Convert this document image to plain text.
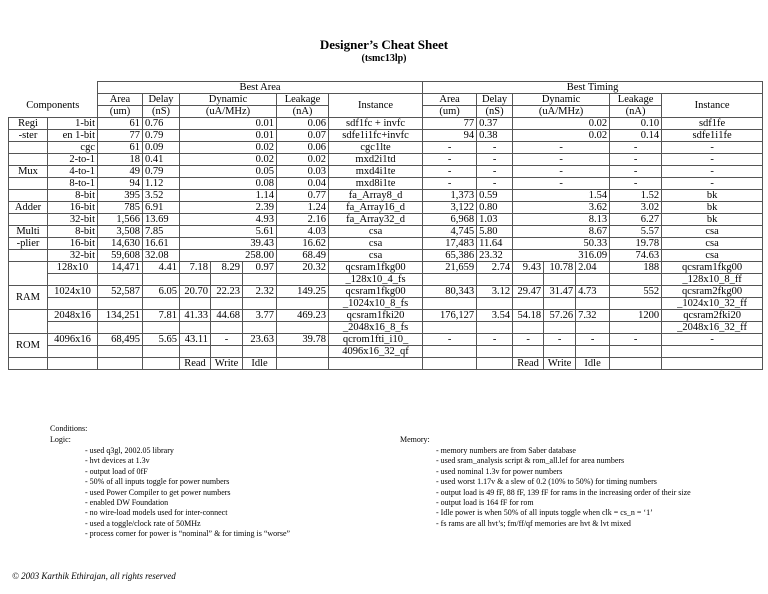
Designer’s Cheat Sheet
(tsmc13lp)
		Best Area							Best Timing						
Components		Area	Delay	Dynamic			Leakage	Instance	Area	Delay	Dynamic			Leakage	Instance
		(um)	(nS)	(uA/MHz)			(nA)		(um)	(nS)	(uA/MHz)			(nA)	
Regi	1-bit	61	0.76	0.01			0.06	sdf1fc + invfc	77	0.37	0.02			0.10	sdf1fe
-ster	en 1-bit	77	0.79	0.01			0.07	sdfe1i1fc+invfc	94	0.38	0.02			0.14	sdfe1i1fe
	cgc	61	0.09	0.02			0.06	cgc1lte	-	-	-			-	-
	2-to-1	18	0.41	0.02			0.02	mxd2i1td	-	-	-			-	-
Mux	4-to-1	49	0.79	0.05			0.03	mxd4i1te	-	-	-			-	-
	8-to-1	94	1.12	0.08			0.04	mxd8i1te	-	-	-			-	-
	8-bit	395	3.52	1.14			0.77	fa_Array8_d	1,373	0.59	1.54			1.52	bk
Adder	16-bit	785	6.91	2.39			1.24	fa_Array16_d	3,122	0.80	3.62			3.02	bk
	32-bit	1,566	13.69	4.93			2.16	fa_Array32_d	6,968	1.03	8.13			6.27	bk
Multi	8-bit	3,508	7.85	5.61			4.03	csa	4,745	5.80	8.67			5.57	csa
-plier	16-bit	14,630	16.61	39.43			16.62	csa	17,483	11.64	50.33			19.78	csa
	32-bit	59,608	32.08	258.00			68.49	csa	65,386	23.32	316.09			74.63	csa
	128x10	14,471	4.41	7.18	8.29	0.97	20.32	qcsram1fkg00	21,659	2.74	9.43	10.78	2.04	188	qcsram1fkg00
								_128x10_4_fs							_128x10_8_ff
RAM	1024x10	52,587	6.05	20.70	22.23	2.32	149.25	qcsram1fkg00	80,343	3.12	29.47	31.47	4.73	552	qcsram2fkg00
								_1024x10_8_fs							_1024x10_32_ff
	2048x16	134,251	7.81	41.33	44.68	3.77	469.23	qcsram1fki20	176,127	3.54	54.18	57.26	7.32	1200	qcsram2fki20
								_2048x16_8_fs							_2048x16_32_ff
ROM	4096x16	68,495	5.65	43.11	-	23.63	39.78	qcrom1fti_i10_	-	-	-	-	-	-	-
								4096x16_32_qf							
				Read	Write	Idle					Read	Write	Idle		
Conditions:
Logic:	Memory:
- used q3gl, 2002.05 library
- hvt devices at 1.3v
- output load of 0fF
- 50% of all inputs toggle for power numbers
- used Power Compiler to get power numbers
- enabled DW Foundation
- no wire-load models used for inter-connect
- used a toggle/clock rate of 50MHz
- process corner for power is “nominal” & for timing is “worse”
- memory numbers are from Saber database
- used sram_analysis script & rom_all.lef for area numbers
- used nominal 1.3v for power numbers
- used worst 1.17v & a slew of 0.2 (10% to 50%) for timing numbers
- output load is 49 fF, 88 fF, 139 fF for rams in the increasing order of their size
- output load is 164 fF for rom
- Idle power is when 50% of all inputs toggle when clk = cs_n = ‘1’
- fs rams are all hvt’s; fm/ff/qf memories are hvt & lvt mixed
© 2003 Karthik Ethirajan, all rights reserved
